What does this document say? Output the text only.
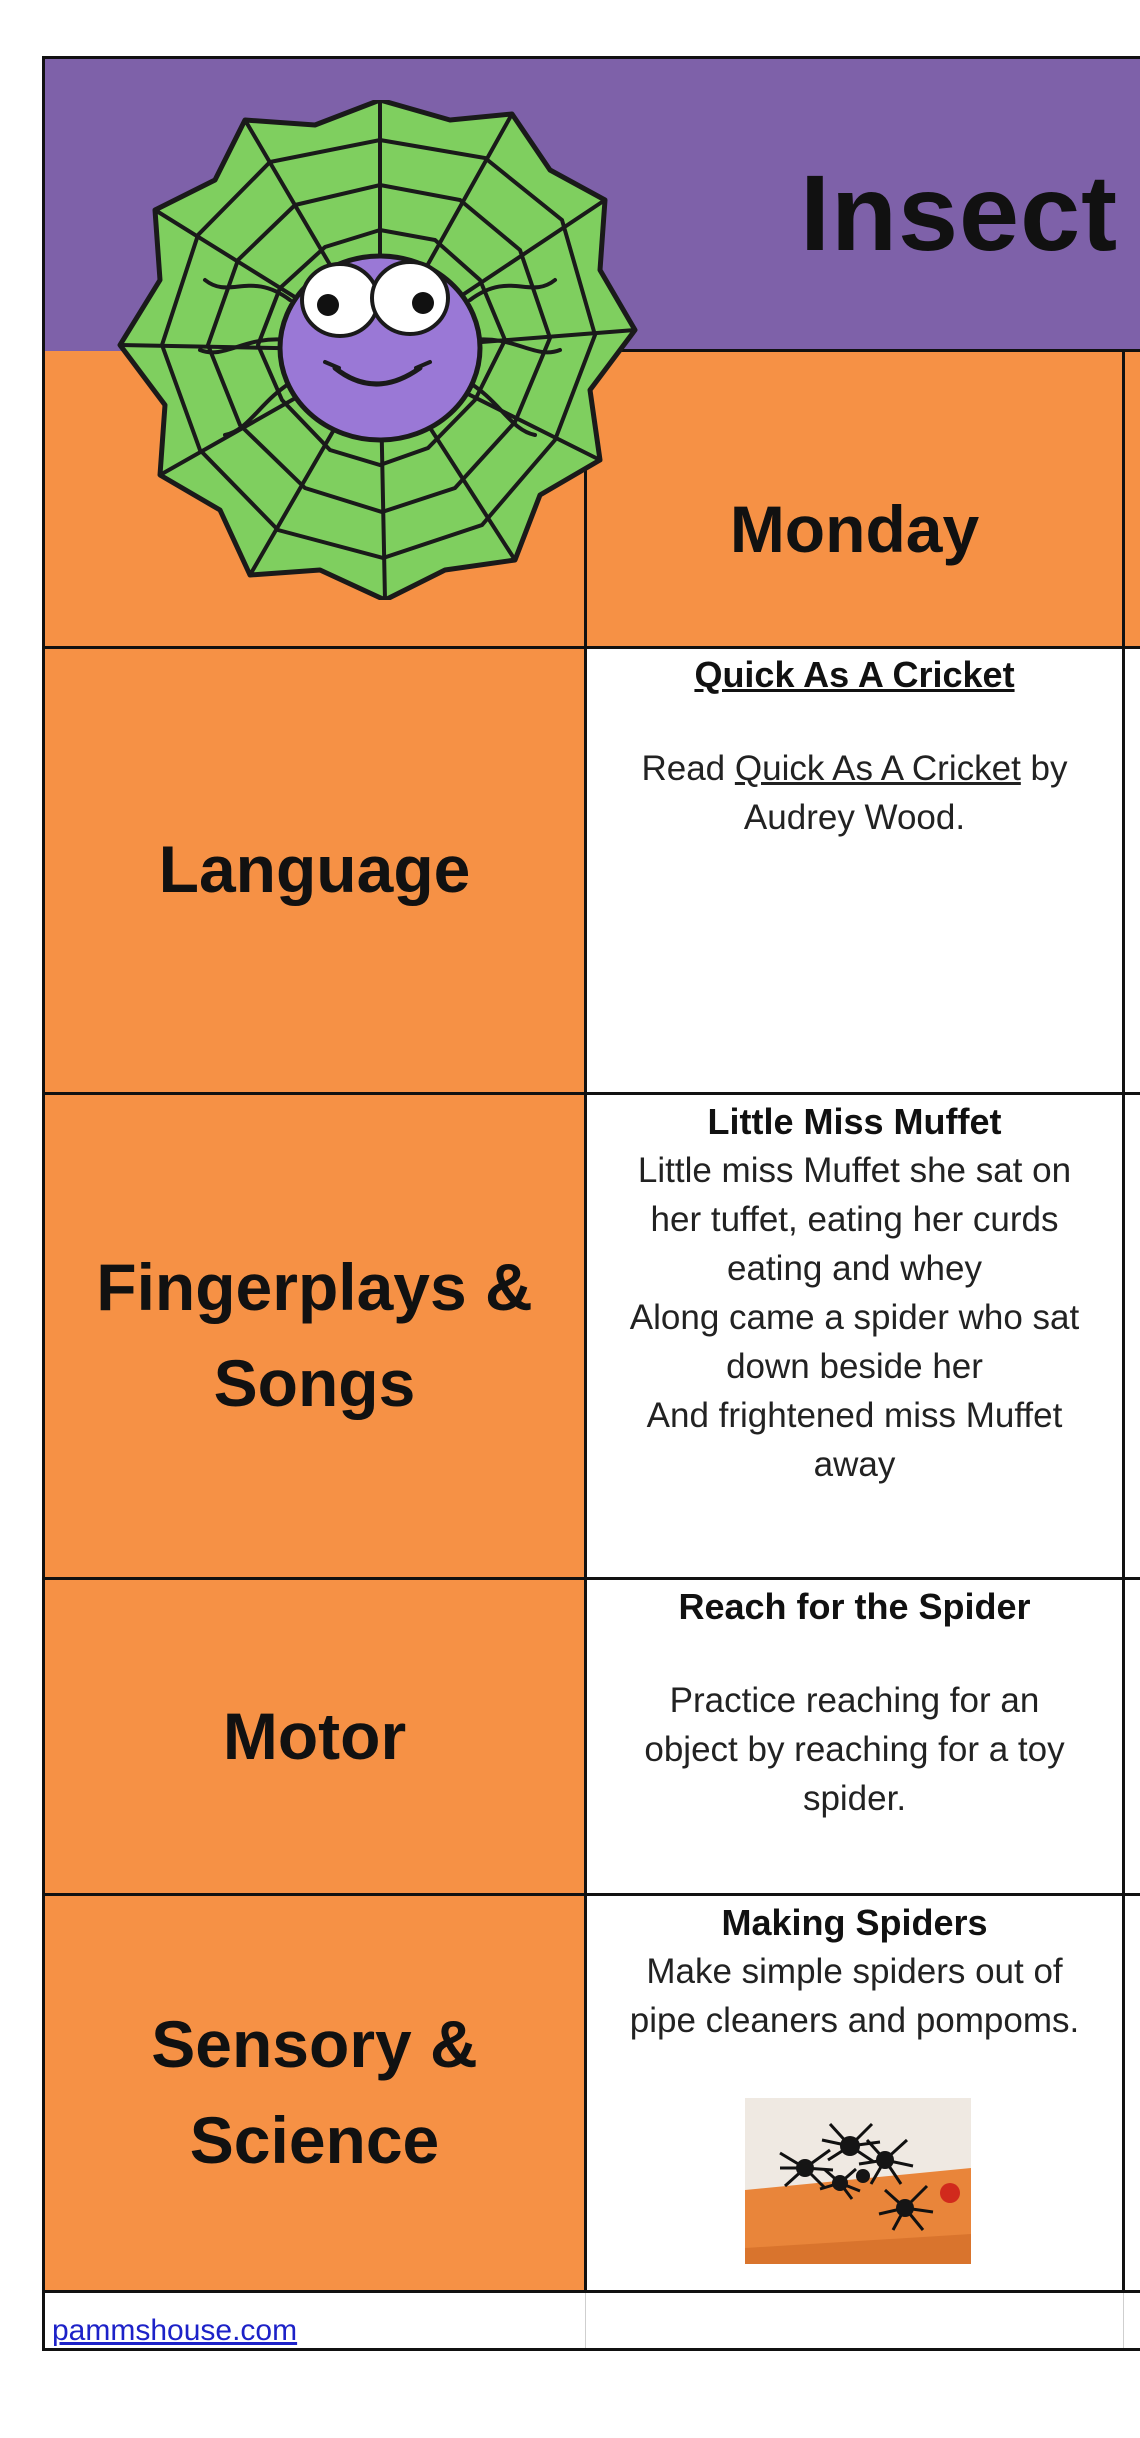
Insect
Monday
Language
Quick As A Cricket
Read Quick As A Cricket by
Audrey Wood.
Fingerplays &
Songs
Little Miss Muffet
Little miss Muffet she sat on
her tuffet, eating her curds
eating and whey
Along came a spider who sat
down beside her
And frightened miss Muffet
away
Motor
Reach for the Spider
Practice reaching for an
object by reaching for a toy
spider.
Sensory &
Science
Making Spiders
Make simple spiders out of
pipe cleaners and pompoms.
pammshouse.com
